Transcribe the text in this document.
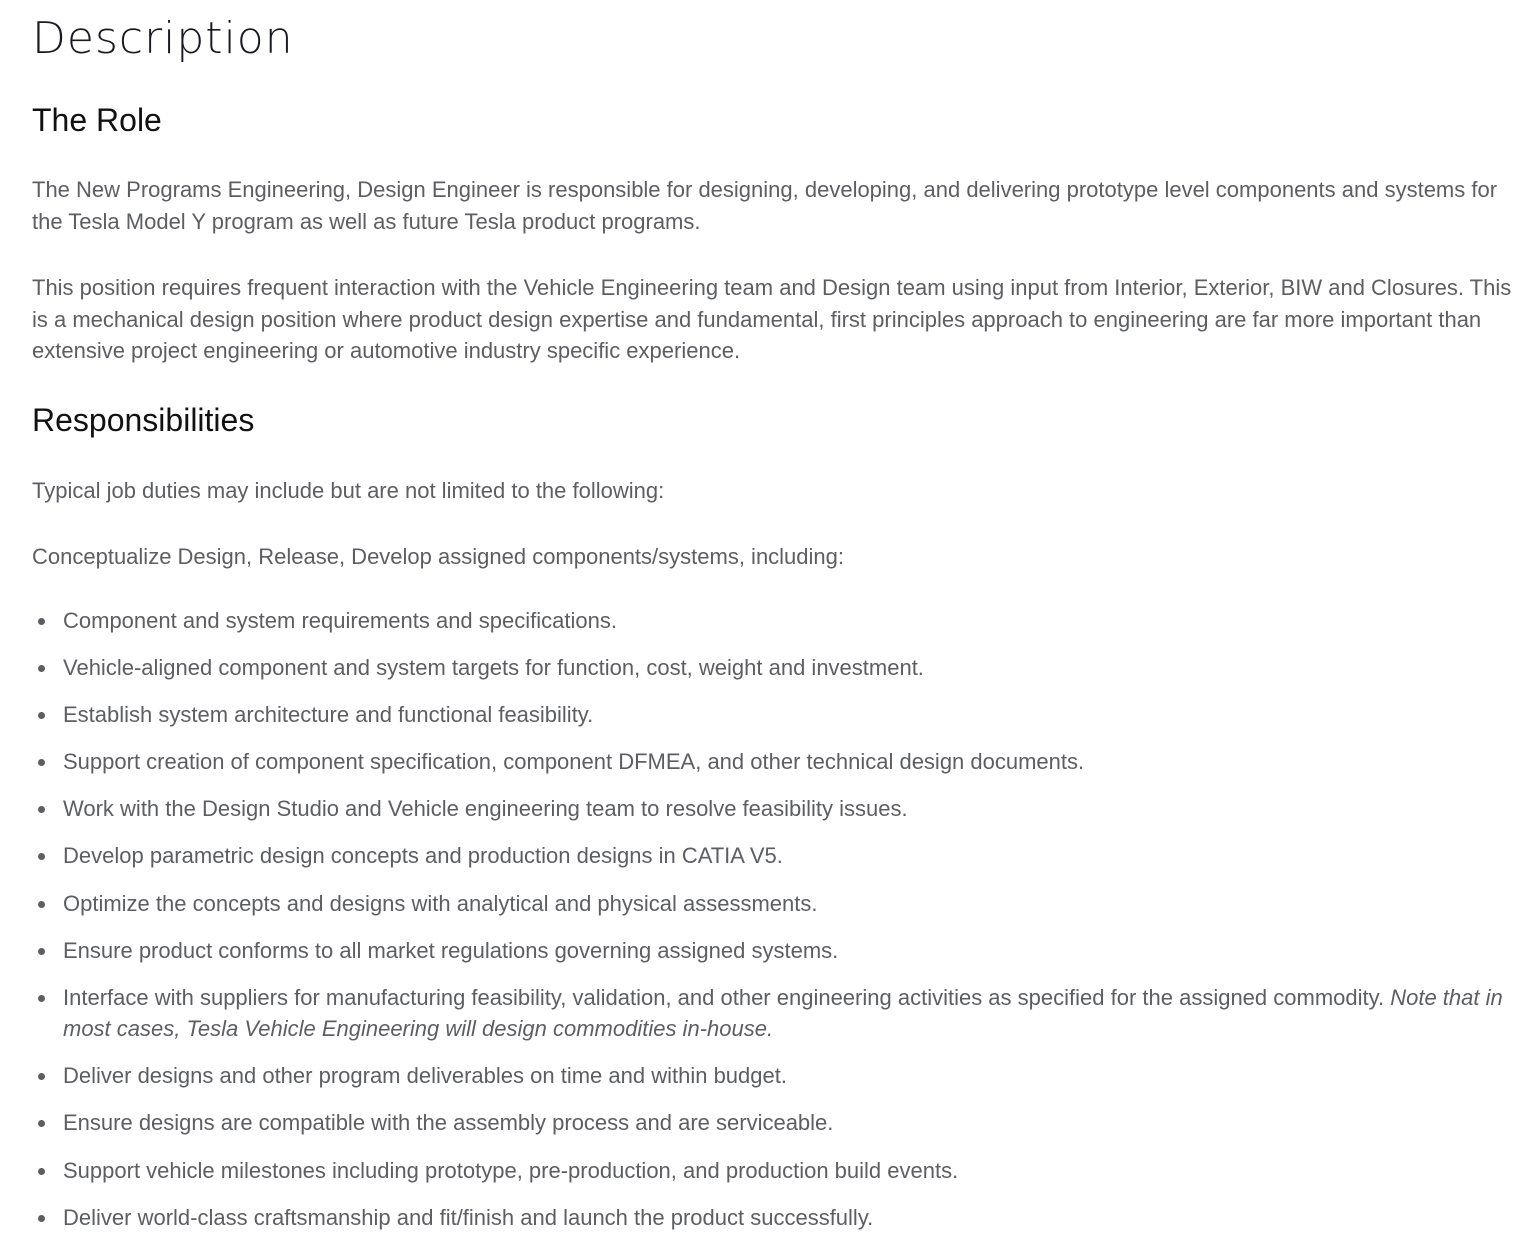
Description
The Role

The New Programs Engineering, Design Engineer is responsible for designing, developing, and delivering prototype level components and systems for the Tesla Model Y program as well as future Tesla product programs.

This position requires frequent interaction with the Vehicle Engineering team and Design team using input from Interior, Exterior, BIW and Closures. This is a mechanical design position where product design expertise and fundamental, first principles approach to engineering are far more important than extensive project engineering or automotive industry specific experience.

Responsibilities

Typical job duties may include but are not limited to the following:

Conceptualize Design, Release, Develop assigned components/systems, including:

Component and system requirements and specifications.
Vehicle-aligned component and system targets for function, cost, weight and investment.
Establish system architecture and functional feasibility.
Support creation of component specification, component DFMEA, and other technical design documents.
Work with the Design Studio and Vehicle engineering team to resolve feasibility issues.
Develop parametric design concepts and production designs in CATIA V5.
Optimize the concepts and designs with analytical and physical assessments.
Ensure product conforms to all market regulations governing assigned systems.
Interface with suppliers for manufacturing feasibility, validation, and other engineering activities as specified for the assigned commodity. Note that in most cases, Tesla Vehicle Engineering will design commodities in-house.
Deliver designs and other program deliverables on time and within budget.
Ensure designs are compatible with the assembly process and are serviceable.
Support vehicle milestones including prototype, pre-production, and production build events.
Deliver world-class craftsmanship and fit/finish and launch the product successfully.
